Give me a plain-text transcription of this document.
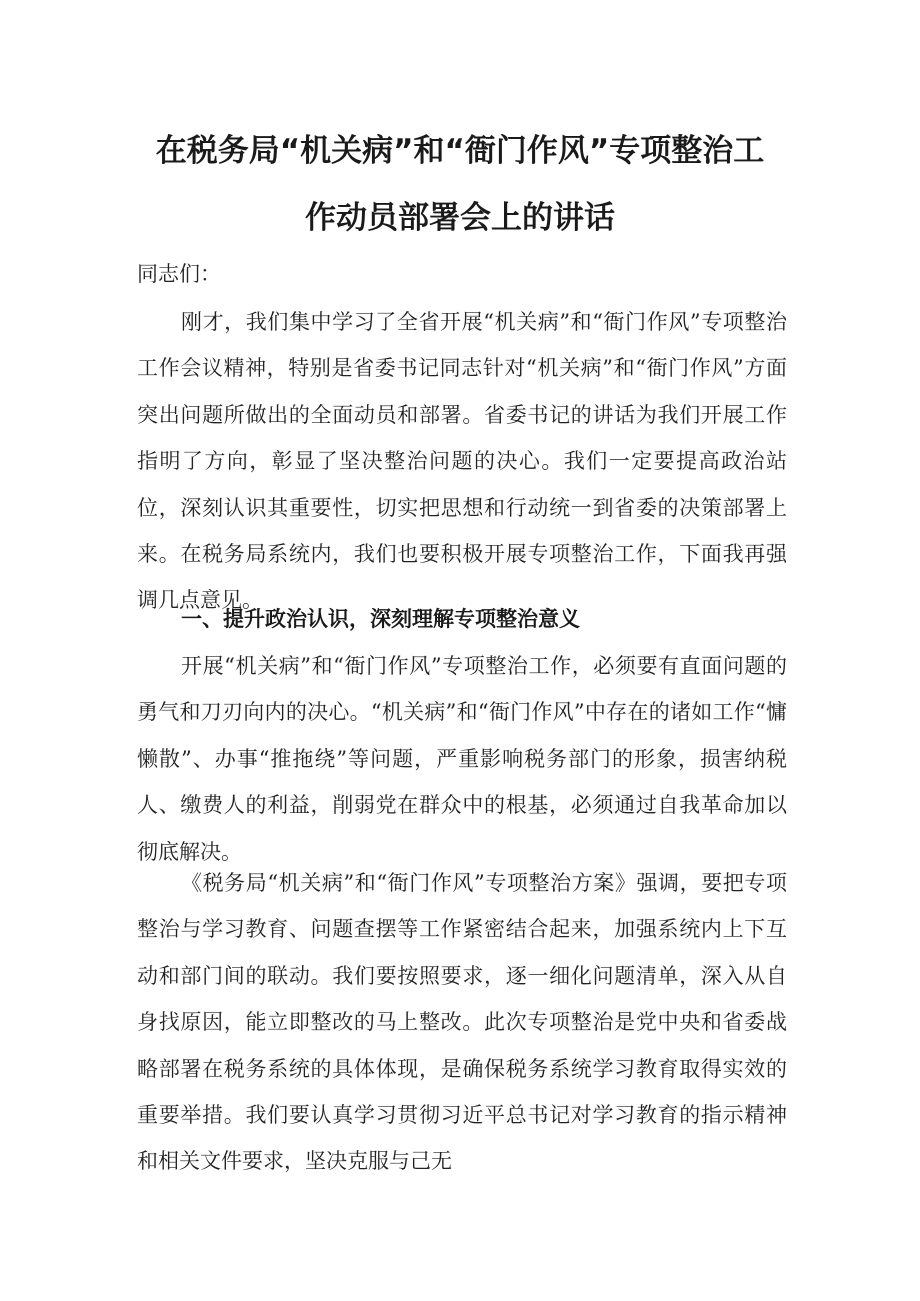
在税务局“机关病”和“衙门作风”专项整治工
作动员部署会上的讲话
同志们：

刚才，我们集中学习了全省开展“机关病”和“衙门作风”专项整治工作会议精神，特别是省委书记同志针对“机关病”和“衙门作风”方面突出问题所做出的全面动员和部署。省委书记的讲话为我们开展工作指明了方向，彰显了坚决整治问题的决心。我们一定要提高政治站位，深刻认识其重要性，切实把思想和行动统一到省委的决策部署上来。在税务局系统内，我们也要积极开展专项整治工作，下面我再强调几点意见。

一、提升政治认识，深刻理解专项整治意义

开展“机关病”和“衙门作风”专项整治工作，必须要有直面问题的勇气和刀刃向内的决心。“机关病”和“衙门作风”中存在的诸如工作“慵懒散”、办事“推拖绕”等问题，严重影响税务部门的形象，损害纳税人、缴费人的利益，削弱党在群众中的根基，必须通过自我革命加以彻底解决。

《税务局“机关病”和“衙门作风”专项整治方案》强调，要把专项整治与学习教育、问题查摆等工作紧密结合起来，加强系统内上下互动和部门间的联动。我们要按照要求，逐一细化问题清单，深入从自身找原因，能立即整改的马上整改。此次专项整治是党中央和省委战略部署在税务系统的具体体现，是确保税务系统学习教育取得实效的重要举措。我们要认真学习贯彻习近平总书记对学习教育的指示精神和相关文件要求，坚决克服与己无
